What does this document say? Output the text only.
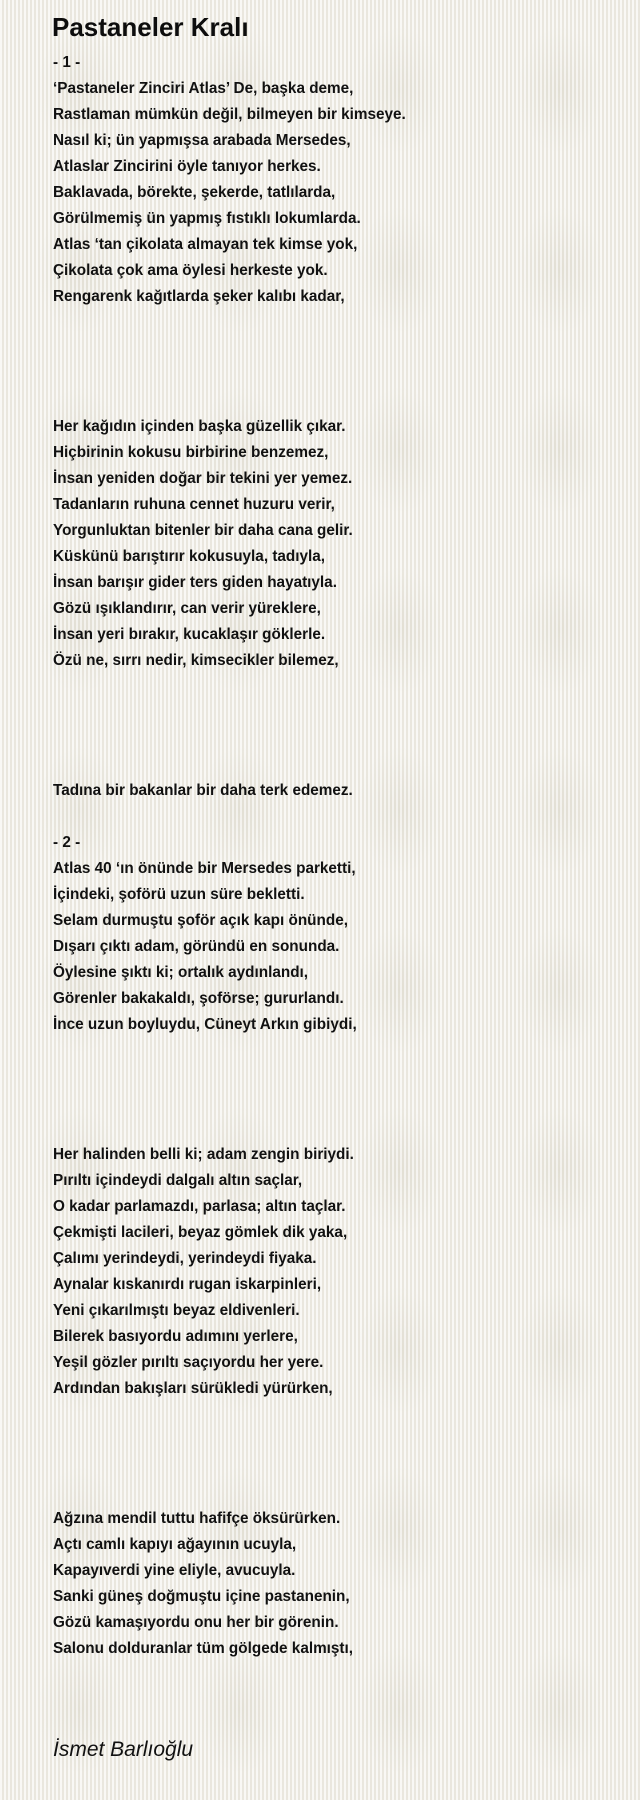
Pastaneler Kralı
- 1 -
‘Pastaneler Zinciri Atlas’ De, başka deme,
Rastlaman mümkün değil, bilmeyen bir kimseye.
Nasıl ki; ün yapmışsa arabada Mersedes,
Atlaslar Zincirini öyle tanıyor herkes.
Baklavada, börekte, şekerde, tatlılarda,
Görülmemiş ün yapmış fıstıklı lokumlarda.
Atlas ‘tan çikolata almayan tek kimse yok,
Çikolata çok ama öylesi herkeste yok.
Rengarenk kağıtlarda şeker kalıbı kadar,
Her kağıdın içinden başka güzellik çıkar.
Hiçbirinin kokusu birbirine benzemez,
İnsan yeniden doğar bir tekini yer yemez.
Tadanların ruhuna cennet huzuru verir,
Yorgunluktan bitenler bir daha cana gelir.
Küskünü barıştırır kokusuyla, tadıyla,
İnsan barışır gider ters giden hayatıyla.
Gözü ışıklandırır, can verir yüreklere,
İnsan yeri bırakır, kucaklaşır göklerle.
Özü ne, sırrı nedir, kimsecikler bilemez,
Tadına bir bakanlar bir daha terk edemez.
- 2 -
Atlas 40 ‘ın önünde bir Mersedes parketti,
İçindeki, şoförü uzun süre bekletti.
Selam durmuştu şoför açık kapı önünde,
Dışarı çıktı adam, göründü en sonunda.
Öylesine şıktı ki; ortalık aydınlandı,
Görenler bakakaldı, şoförse; gururlandı.
İnce uzun boyluydu, Cüneyt Arkın gibiydi,
Her halinden belli ki; adam zengin biriydi.
Pırıltı içindeydi dalgalı altın saçlar,
O kadar parlamazdı, parlasa; altın taçlar.
Çekmişti lacileri, beyaz gömlek dik yaka,
Çalımı yerindeydi, yerindeydi fiyaka.
Aynalar kıskanırdı rugan iskarpinleri,
Yeni çıkarılmıştı beyaz eldivenleri.
Bilerek basıyordu adımını yerlere,
Yeşil gözler pırıltı saçıyordu her yere.
Ardından bakışları sürükledi yürürken,
Ağzına mendil tuttu hafifçe öksürürken.
Açtı camlı kapıyı ağayının ucuyla,
Kapayıverdi yine eliyle, avucuyla.
Sanki güneş doğmuştu içine pastanenin,
Gözü kamaşıyordu onu her bir görenin.
Salonu dolduranlar tüm gölgede kalmıştı,
İsmet Barlıoğlu
